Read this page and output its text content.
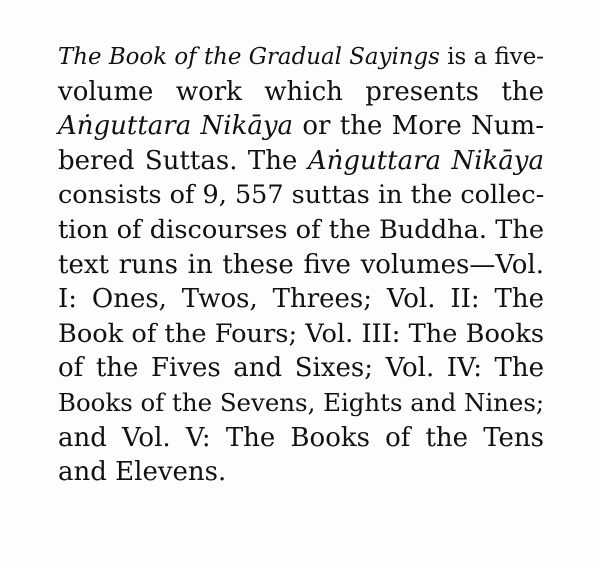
The Book of the Gradual Sayings is a five-
volume work which presents the
Aṅguttara Nikāya or the More Num-
bered Suttas. The Aṅguttara Nikāya
consists of 9, 557 suttas in the collec-
tion of discourses of the Buddha. The
text runs in these five volumes—Vol.
I: Ones, Twos, Threes; Vol. II: The
Book of the Fours; Vol. III: The Books
of the Fives and Sixes; Vol. IV: The
Books of the Sevens, Eights and Nines;
and Vol. V: The Books of the Tens
and Elevens.
